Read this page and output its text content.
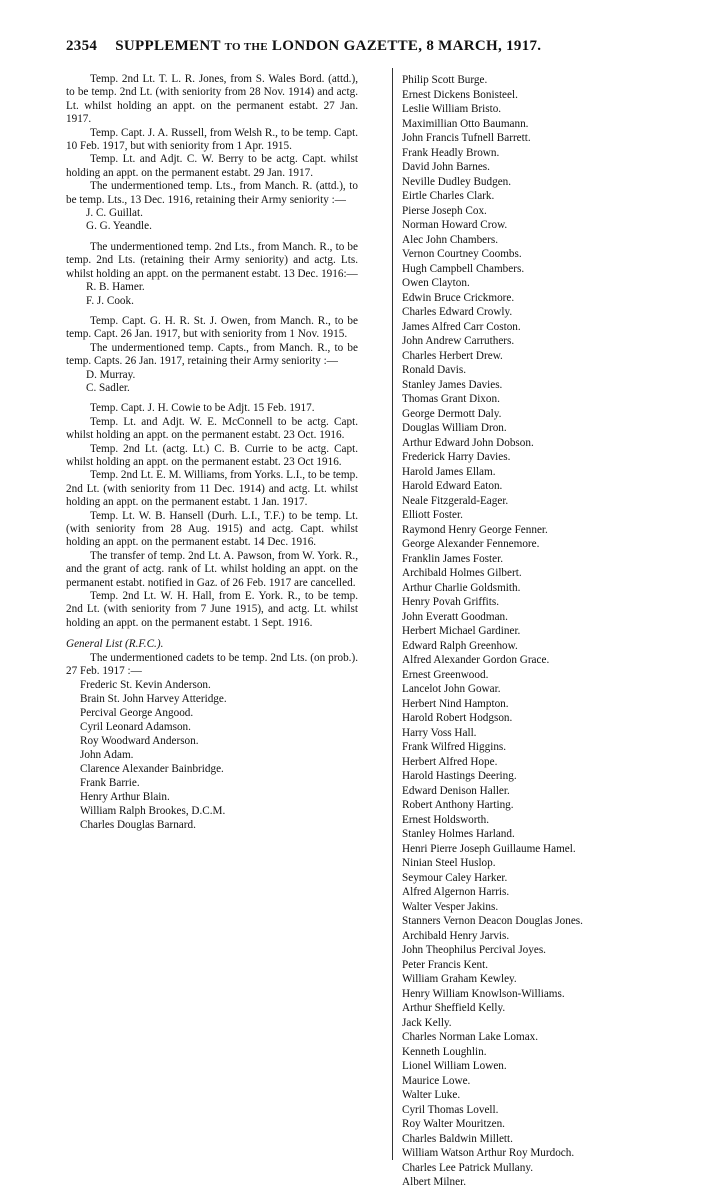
2354 SUPPLEMENT TO THE LONDON GAZETTE, 8 MARCH, 1917.

Temp. 2nd Lt. T. L. R. Jones, from S. Wales Bord. (attd.), to be temp. 2nd Lt. (with seniority from 28 Nov. 1914) and actg. Lt. whilst holding an appt. on the permanent estabt. 27 Jan. 1917.

Temp. Capt. J. A. Russell, from Welsh R., to be temp. Capt. 10 Feb. 1917, but with seniority from 1 Apr. 1915.

Temp. Lt. and Adjt. C. W. Berry to be actg. Capt. whilst holding an appt. on the permanent estabt. 29 Jan. 1917.

The undermentioned temp. Lts., from Manch. R. (attd.), to be temp. Lts., 13 Dec. 1916, retaining their Army seniority :—

J. C. Guillat.
G. G. Yeandle.

The undermentioned temp. 2nd Lts., from Manch. R., to be temp. 2nd Lts. (retaining their Army seniority) and actg. Lts. whilst holding an appt. on the permanent estabt. 13 Dec. 1916:—

R. B. Hamer.
F. J. Cook.

Temp. Capt. G. H. R. St. J. Owen, from Manch. R., to be temp. Capt. 26 Jan. 1917, but with seniority from 1 Nov. 1915.

The undermentioned temp. Capts., from Manch. R., to be temp. Capts. 26 Jan. 1917, retaining their Army seniority :—

D. Murray.
C. Sadler.

Temp. Capt. J. H. Cowie to be Adjt. 15 Feb. 1917.

Temp. Lt. and Adjt. W. E. McConnell to be actg. Capt. whilst holding an appt. on the permanent estabt. 23 Oct. 1916.

Temp. 2nd Lt. (actg. Lt.) C. B. Currie to be actg. Capt. whilst holding an appt. on the permanent estabt. 23 Oct 1916.

Temp. 2nd Lt. E. M. Williams, from Yorks. L.I., to be temp. 2nd Lt. (with seniority from 11 Dec. 1914) and actg. Lt. whilst holding an appt. on the permanent estabt. 1 Jan. 1917.

Temp. Lt. W. B. Hansell (Durh. L.I., T.F.) to be temp. Lt. (with seniority from 28 Aug. 1915) and actg. Capt. whilst holding an appt. on the permanent estabt. 14 Dec. 1916.

The transfer of temp. 2nd Lt. A. Pawson, from W. York. R., and the grant of actg. rank of Lt. whilst holding an appt. on the permanent estabt. notified in Gaz. of 26 Feb. 1917 are cancelled.

Temp. 2nd Lt. W. H. Hall, from E. York. R., to be temp. 2nd Lt. (with seniority from 7 June 1915), and actg. Lt. whilst holding an appt. on the permanent estabt. 1 Sept. 1916.

General List (R.F.C.).

The undermentioned cadets to be temp. 2nd Lts. (on prob.). 27 Feb. 1917 :—

Frederic St. Kevin Anderson.
Brain St. John Harvey Atteridge.
Percival George Angood.
Cyril Leonard Adamson.
Roy Woodward Anderson.
John Adam.
Clarence Alexander Bainbridge.
Frank Barrie.
Henry Arthur Blain.
William Ralph Brookes, D.C.M.
Charles Douglas Barnard.
Philip Scott Burge.
Ernest Dickens Bonisteel.
Leslie William Bristo.
Maximillian Otto Baumann.
John Francis Tufnell Barrett.
Frank Headly Brown.
David John Barnes.
Neville Dudley Budgen.
Eirtle Charles Clark.
Pierse Joseph Cox.
Norman Howard Crow.
Alec John Chambers.
Vernon Courtney Coombs.
Hugh Campbell Chambers.
Owen Clayton.
Edwin Bruce Crickmore.
Charles Edward Crowly.
James Alfred Carr Coston.
John Andrew Carruthers.
Charles Herbert Drew.
Ronald Davis.
Stanley James Davies.
Thomas Grant Dixon.
George Dermott Daly.
Douglas William Dron.
Arthur Edward John Dobson.
Frederick Harry Davies.
Harold James Ellam.
Harold Edward Eaton.
Neale Fitzgerald-Eager.
Elliott Foster.
Raymond Henry George Fenner.
George Alexander Fennemore.
Franklin James Foster.
Archibald Holmes Gilbert.
Arthur Charlie Goldsmith.
Henry Povah Griffits.
John Everatt Goodman.
Herbert Michael Gardiner.
Edward Ralph Greenhow.
Alfred Alexander Gordon Grace.
Ernest Greenwood.
Lancelot John Gowar.
Herbert Nind Hampton.
Harold Robert Hodgson.
Harry Voss Hall.
Frank Wilfred Higgins.
Herbert Alfred Hope.
Harold Hastings Deering.
Edward Denison Haller.
Robert Anthony Harting.
Ernest Holdsworth.
Stanley Holmes Harland.
Henri Pierre Joseph Guillaume Hamel.
Ninian Steel Huslop.
Seymour Caley Harker.
Alfred Algernon Harris.
Walter Vesper Jakins.
Stanners Vernon Deacon Douglas Jones.
Archibald Henry Jarvis.
John Theophilus Percival Joyes.
Peter Francis Kent.
William Graham Kewley.
Henry William Knowlson-Williams.
Arthur Sheffield Kelly.
Jack Kelly.
Charles Norman Lake Lomax.
Kenneth Loughlin.
Lionel William Lowen.
Maurice Lowe.
Walter Luke.
Cyril Thomas Lovell.
Roy Walter Mouritzen.
Charles Baldwin Millett.
William Watson Arthur Roy Murdoch.
Charles Lee Patrick Mullany.
Albert Milner.
